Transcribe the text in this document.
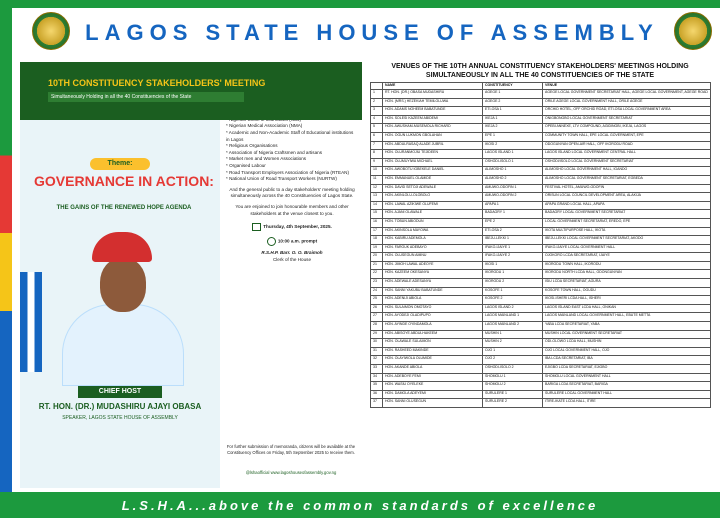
LAGOS STATE HOUSE OF ASSEMBLY
Theme:
GOVERNANCE IN ACTION:
THE GAINS OF THE RENEWED HOPE AGENDA
CHIEF HOST
RT. HON. (DR.) MUDASHIRU AJAYI OBASA
SPEAKER, LAGOS STATE HOUSE OF ASSEMBLY
* Nigerian Medical Association (NMA)
* Academic and Non-Academic Staff of Educational institutions in Lagos
* Religious Organisations
* Association of Nigeria Craftsmen and artisans
* Market men and Women Associations
* Organised Labour
* Road Transport Employers Association of Nigeria (RTEAN)
* National Union of Road Transport Workers (NURTW)
And the general public to a day stakeholders' meeting holding simultaneously across the 40 Constituencies of Lagos State.
You are enjoined to join honourable members and other stakeholders at the venue closest to you.
Thursday, 4th September, 2025.
10:00 a.m. prompt
R.S.H.P. Barr. O. O. Braimoh
Clerk of the House
For further submission of memoranda, citizens will be available at the Constituency Offices on Friday, 5th September 2025 to receive them.
@lshaofficial www.lagoshouseofassembly.gov.ng
10TH CONSTITUENCY STAKEHOLDERS' MEETING
Simultaneously Holding in all the 40 Constituencies of the State
VENUES OF THE 10TH ANNUAL CONSTITUENCY STAKEHOLDERS' MEETINGS HOLDING SIMULTANEOUSLY IN ALL THE 40 CONSTITUENCIES OF THE STATE
	NAME	CONSTITUENCY	VENUE
1	RT. HON. (DR.) OBASA MUDASHIRU	AGEGE 1	AGEGE LOCAL GOVERNMENT SECRETARIAT HALL, AGEGE LOCAL GOVERNMENT, AGEGE ROAD
2	HON. (MRS.) HEZEKIAH TEMILOLUWA	AGEGE 2	ORILE AGEGE LOCAL GOVERNMENT HALL, ORILE AGEGE
3	HON. ADAMS NOHEEM BABATUNDE	ETI-OSA 1	ORCHID HOTEL, OFF ORCHID ROAD, ETI-OSA LOCAL GOVERNMENT AREA
4	HON. SOLESI KAZEEM ABIDEMI	IKEJA 1	ONIGBONGBO LOCAL GOVERNMENT SECRETARIAT
5	HON. AWUSHAM-MUSEMOLA RICHARD	IKEJA 2	OPEBI ANNEXE, LTV COMPOUND, AGIDINGBI, IKEJA, LAGOS
6	HON. OGUN LUKMON GBOLAHAN	EPE 1	COMMUNITY TOWN HALL, EPE LOCAL GOVERNMENT, EPE
7	HON. ABDULRASAQ ALADE JUBRIL	IKOSI 2	ODOGUNYAN OPEN-AIR HALL, OFF IKORODU ROAD
8	HON. OLURANMOJIU TEJIDEEN	LAGOS ISLAND 1	LAGOS ISLAND LOCAL GOVERNMENT CENTRAL HALL
9	HON. OLUMUYIWA MICHAEL	OSHODI-ISOLO 1	OSHODI/ISOLO LOCAL GOVERNMENT SECRETARIAT
10	HON. AWOBOTU IGBEKELE DANIEL	ALIMOSHO 1	ALIMOSHO LOCAL GOVERNMENT HALL, IGANDO
11	HON. EMMANUEL OLAMIDE	ALIMOSHO 2	ALIMOSHO LOCAL GOVERNMENT SECRETARIAT, EGBEDA
12	HON. DAVID SETOJI ADEWALE	AMUWO-ODOFIN 1	FESTIVAL HOTEL, AMUWO-ODOFIN
13	HON. AKINLOLU-OLOBOLO	AMUWO-ODOFIN 2	ORISUN LOCAL COUNCIL DEVELOPMENT AREA, ALAKIJA
14	HON. LAWAL AZIKIWE OLUFEMI	APAPA 1	APAPA GRAND LOCAL HALL, APAPA
15	HON. AJANI OLAWALE	BADAGRY 1	BADAGRY LOCAL GOVERNMENT SECRETARIAT
16	HON. TOBUN ABIODUN	EPE 2	LOCAL GOVERNMENT SECRETARIAT, EREDO, EPE
17	HON. AKINSOLA MAYOWA	ETI-OSA 2	IKOTA MULTIPURPOSE HALL, IKOTA
18	HON. KABIRU ADEMOLA	IBEJU-LEKKI 1	IBEJU-LEKKI LOCAL GOVERNMENT SECRETARIAT, AKODO
19	HON. FAROUK ADEBAYO	IFAKO-IJAIYE 1	IFAKO-IJAIYE LOCAL GOVERNMENT HALL
20	HON. OLUSEGUN AMINU	IFAKO-IJAIYE 2	OJOKORO LCDA SECRETARIAT, IJAIYE
21	HON. JIMOH LAWAL ADEOYE	IKOSI 1	IKORODU TOWN HALL, IKORODU
22	HON. KAZEEM OKESANYA	IKORODU 1	IKORODU NORTH LCDA HALL, ODONGUNYAN
23	HON. ADEWALE ADESANYA	IKORODU 2	ISIU LCDA SECRETARIAT, AGURA
24	HON. SANNI YAKUBU BABATUNDE	KOSOFE 1	KOSOFE TOWN HALL, OGUDU
25	HON. ADENIJI ABIOLA	KOSOFE 2	IKOSI-ISHERI LCDA HALL, ISHERI
26	HON. SULAIMON OMOTAYO	LAGOS ISLAND 2	LAGOS ISLAND EAST LCDA HALL, ONIKAN
27	HON. AYODEJI OLADIPUPO	LAGOS MAINLAND 1	LAGOS MAINLAND LOCAL GOVERNMENT HALL, EBUTE METTA
28	HON. AYINDE OYINDAMOLA	LAGOS MAINLAND 2	YABA LCDA SECRETARIAT, YABA
29	HON. ABISOYE ABDULHAKEEM	MUSHIN 1	MUSHIN LOCAL GOVERNMENT SECRETARIAT
30	HON. OLAWALE SULAIMON	MUSHIN 2	ODI-OLOWO LCDA HALL, MUSHIN
31	HON. RASHEED MAKINDE	OJO 1	OJO LOCAL GOVERNMENT HALL, OJO
32	HON. OLAYIWOLA OLUMIDE	OJO 2	IBA LCDA SECRETARIAT, IBA
33	HON. AKANDE ABIOLA	OSHODI-ISOLO 2	EJIGBO LCDA SECRETARIAT, EJIGBO
34	HON. ADEBOYE FEMI	SHOMOLU 1	SHOMOLU LOCAL GOVERNMENT HALL
35	HON. WASIU OYELEKE	SHOMOLU 2	BARIGA LCDA SECRETARIAT, BARIGA
36	HON. DAMOLA ADEYEMI	SURULERE 1	SURULERE LOCAL GOVERNMENT HALL
37	HON. SANNI OLUSEGUN	SURULERE 2	ITIRE-IKATE LCDA HALL, ITIRE
L.S.H.A...above the common standards of excellence
